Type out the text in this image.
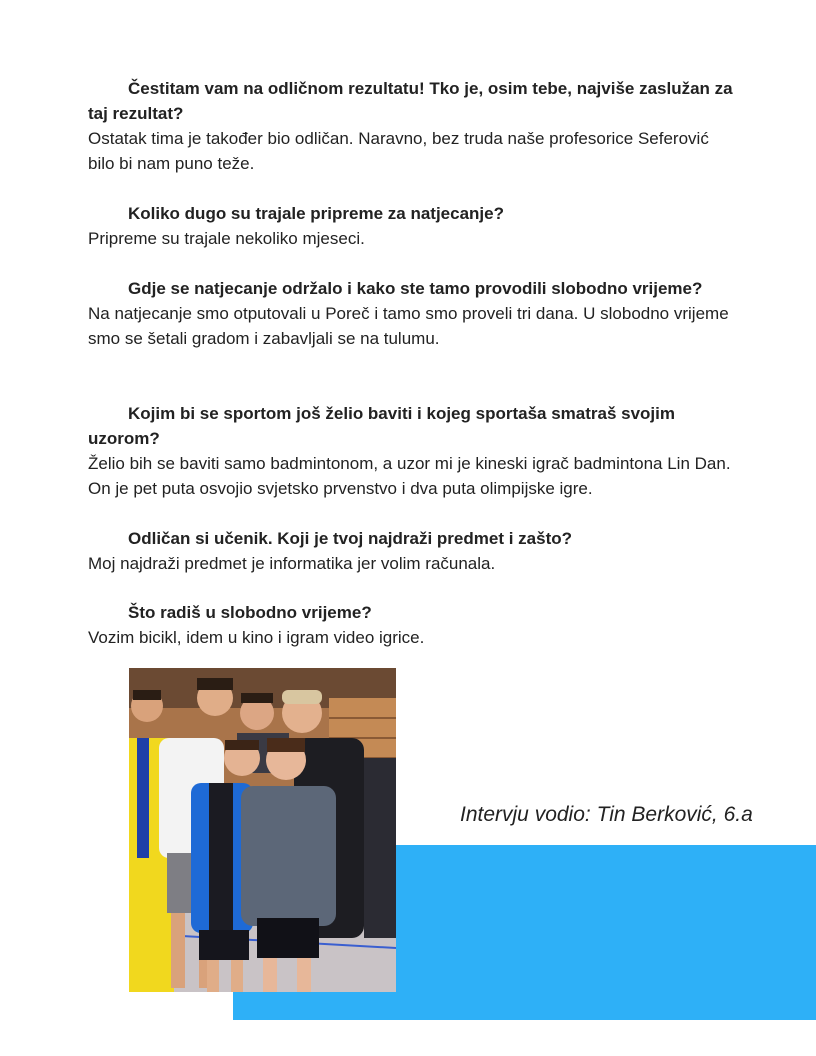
Čestitam vam na odličnom rezultatu! Tko je, osim tebe, najviše zaslužan za taj rezultat?

Ostatak tima je također bio odličan. Naravno, bez truda naše profesorice Seferović bilo bi nam puno teže.

Koliko dugo su trajale pripreme za natjecanje?

Pripreme su trajale nekoliko mjeseci.

Gdje se natjecanje održalo i kako ste tamo provodili slobodno vrijeme?

Na natjecanje smo otputovali u Poreč i tamo smo proveli tri dana. U slobodno vrijeme smo se šetali gradom i zabavljali se na tulumu.

Kojim bi se sportom još želio baviti i kojeg sportaša smatraš svojim uzorom?

Želio bih se baviti samo badmintonom, a uzor mi je kineski igrač badmintona Lin Dan. On je pet puta osvojio svjetsko prvenstvo i dva puta olimpijske igre.

Odličan si učenik. Koji je tvoj najdraži predmet i zašto?

Moj najdraži predmet je informatika jer volim računala.

Što radiš u slobodno vrijeme?

Vozim bicikl, idem u kino i igram video igrice.

Intervju vodio: Tin Berković, 6.a
